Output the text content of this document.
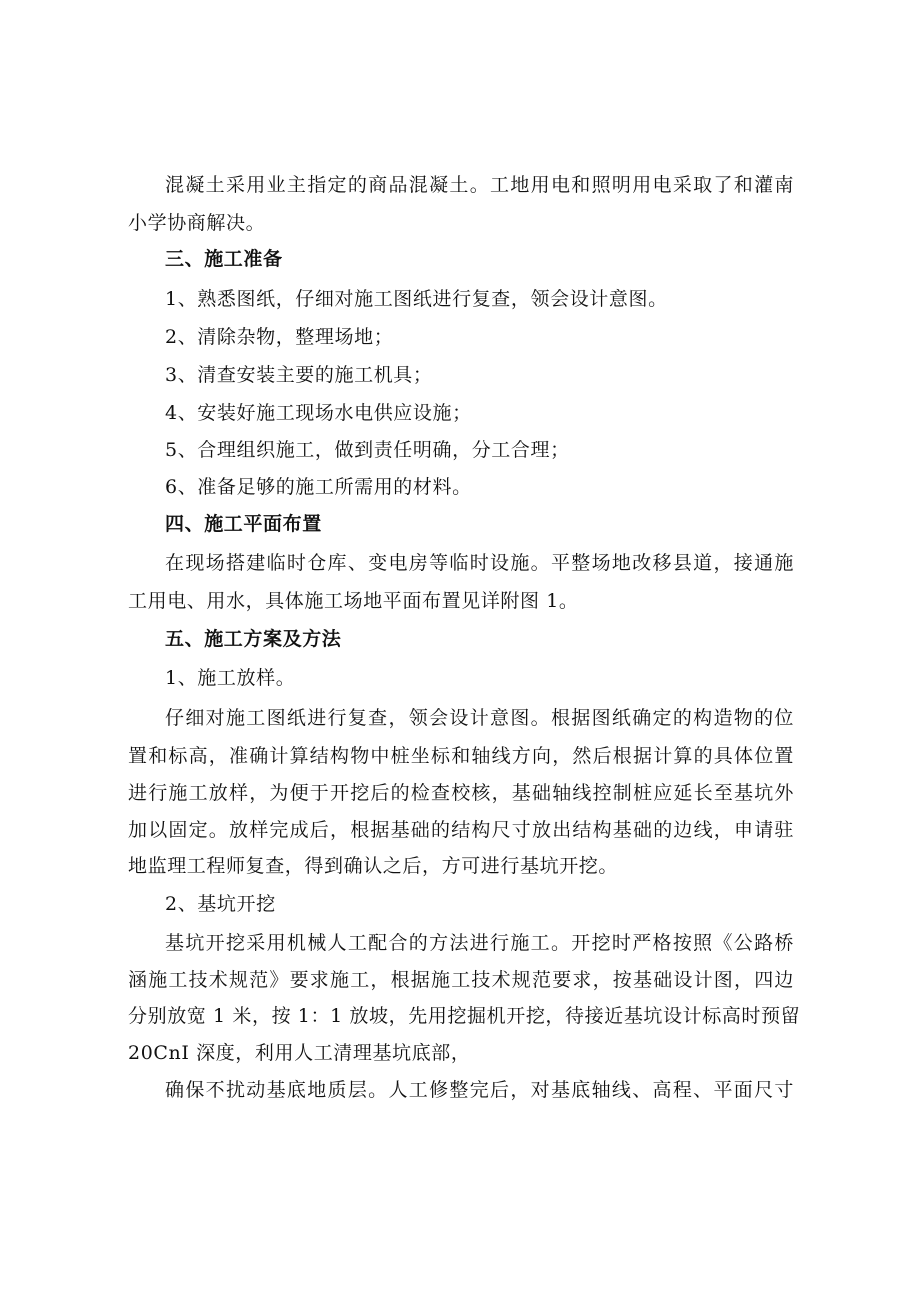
混凝土采用业主指定的商品混凝土。工地用电和照明用电采取了和灌南
小学协商解决。
三、施工准备
1、熟悉图纸，仔细对施工图纸进行复查，领会设计意图。
2、清除杂物，整理场地；
3、清查安装主要的施工机具；
4、安装好施工现场水电供应设施；
5、合理组织施工，做到责任明确，分工合理；
6、准备足够的施工所需用的材料。
四、施工平面布置
在现场搭建临时仓库、变电房等临时设施。平整场地改移县道，接通施
工用电、用水，具体施工场地平面布置见详附图 1。
五、施工方案及方法
1、施工放样。
仔细对施工图纸进行复查，领会设计意图。根据图纸确定的构造物的位
置和标高，准确计算结构物中桩坐标和轴线方向，然后根据计算的具体位置
进行施工放样，为便于开挖后的检查校核，基础轴线控制桩应延长至基坑外
加以固定。放样完成后，根据基础的结构尺寸放出结构基础的边线，申请驻
地监理工程师复查，得到确认之后，方可进行基坑开挖。
2、基坑开挖
基坑开挖采用机械人工配合的方法进行施工。开挖时严格按照《公路桥
涵施工技术规范》要求施工，根据施工技术规范要求，按基础设计图，四边
分别放宽 1 米，按 1：1 放坡，先用挖掘机开挖，待接近基坑设计标高时预留
20CnI 深度，利用人工清理基坑底部，
确保不扰动基底地质层。人工修整完后，对基底轴线、高程、平面尺寸
